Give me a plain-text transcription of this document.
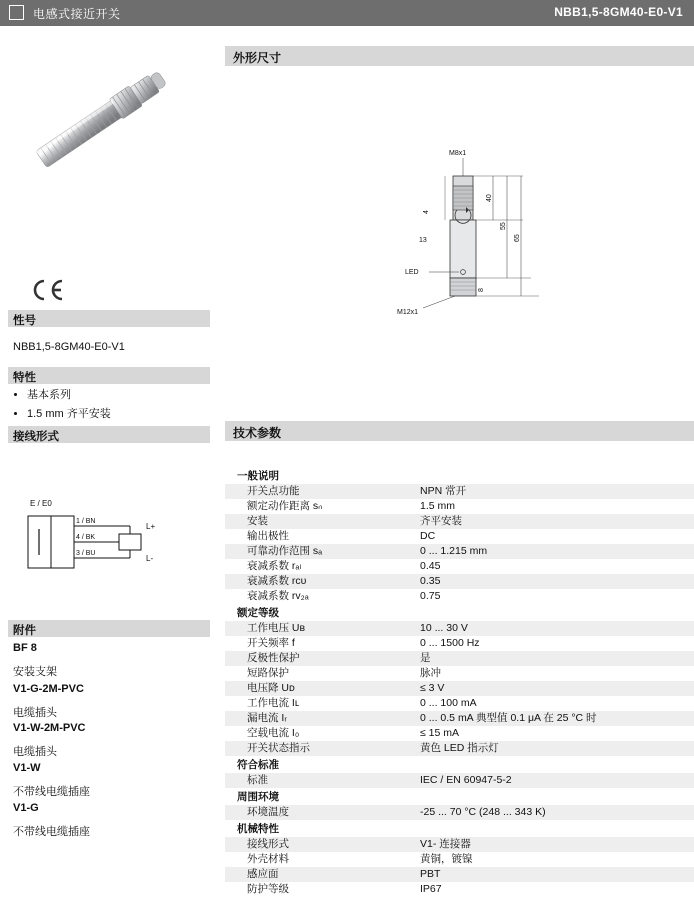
电感式接近开关	NBB1,5-8GM40-E0-V1
性号
NBB1,5-8GM40-E0-V1
特性
• 基本系列
• 1.5 mm 齐平安装
接线形式
E / E0
1 / BN
4 / BK
3 / BU
L+
L-
附件
BF 8
安装支架
V1-G-2M-PVC
电缆插头
V1-W-2M-PVC
电缆插头
V1-W
不带线电缆插座
V1-G
不带线电缆插座
外形尺寸
M8x1
M12x1
LED
4
13
40
55
65
8
技术参数
一般说明	
开关点功能	NPN 常开
额定动作距离 sₙ	1.5 mm
安装	齐平安装
输出极性	DC
可靠动作范围 sₐ	0 ... 1.215 mm
衰减系数 rₐₗ	0.45
衰减系数 rᴄᴜ	0.35
衰减系数 rᴠ₂ₐ	0.75
额定等级	
工作电压 Uʙ	10 ... 30 V
开关频率 f	0 ... 1500 Hz
反极性保护	是
短路保护	脉冲
电压降 Uᴅ	≤ 3 V
工作电流 Iʟ	0 ... 100 mA
漏电流 Iᵣ	0 ... 0.5 mA 典型值 0.1 μA 在 25 °C 时
空载电流 I₀	≤ 15 mA
开关状态指示	黄色 LED 指示灯
符合标准	
标准	IEC / EN 60947-5-2
周围环境	
环境温度	-25 ... 70 °C (248 ... 343 K)
机械特性	
接线形式	V1- 连接器
外壳材料	黄铜，镀镍
感应面	PBT
防护等级	IP67
